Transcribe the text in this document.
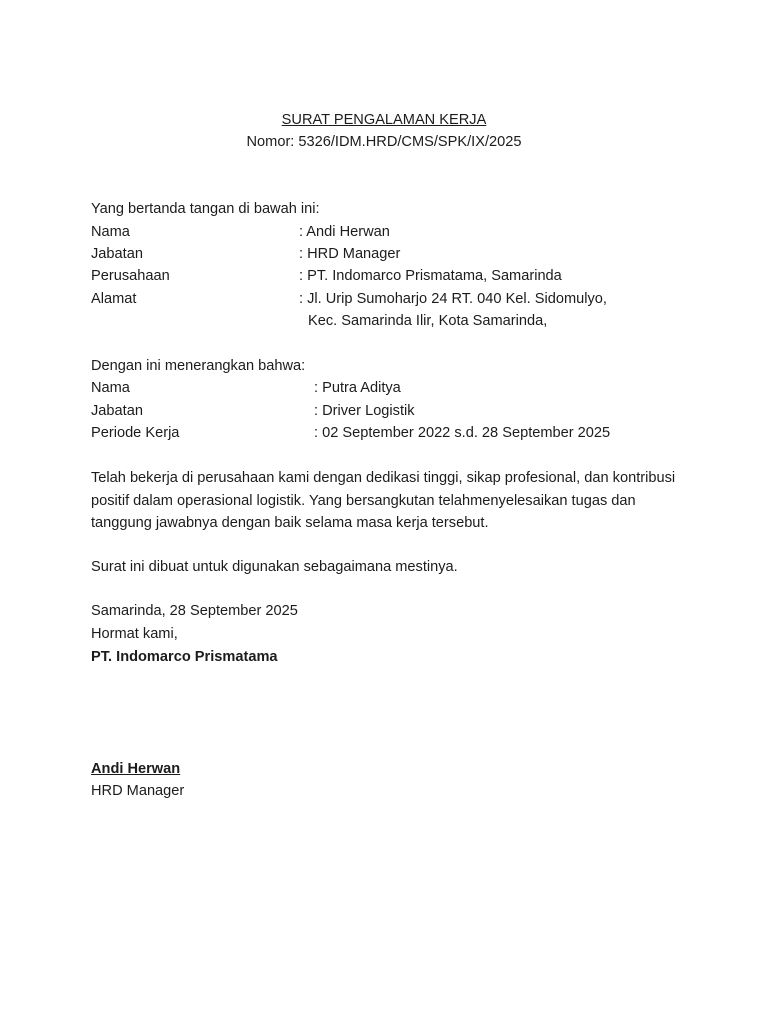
SURAT PENGALAMAN KERJA
Nomor: 5326/IDM.HRD/CMS/SPK/IX/2025
Yang bertanda tangan di bawah ini:
Nama	: Andi Herwan
Jabatan	: HRD Manager
Perusahaan	: PT. Indomarco Prismatama, Samarinda
Alamat	: Jl. Urip Sumoharjo 24 RT. 040 Kel. Sidomulyo,
Kec. Samarinda Ilir, Kota Samarinda,
Dengan ini menerangkan bahwa:
Nama	: Putra Aditya
Jabatan	: Driver Logistik
Periode Kerja	: 02 September 2022 s.d. 28 September 2025
Telah bekerja di perusahaan kami dengan dedikasi tinggi, sikap profesional, dan kontribusi positif dalam operasional logistik. Yang bersangkutan telahmenyelesaikan tugas dan tanggung jawabnya dengan baik selama masa kerja tersebut.
Surat ini dibuat untuk digunakan sebagaimana mestinya.
Samarinda, 28 September 2025
Hormat kami,
PT. Indomarco Prismatama
Andi Herwan
HRD Manager
